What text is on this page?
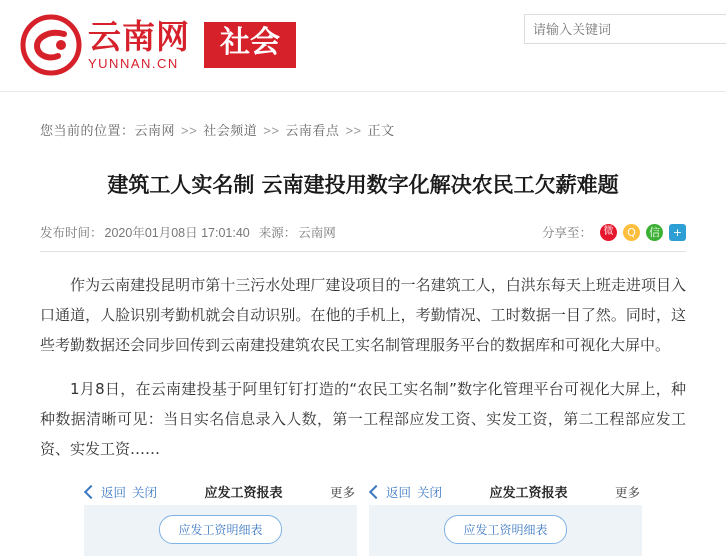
云南网
YUNNAN.CN
社会
请输入关键词
您当前的位置：云南网 >> 社会频道 >> 云南看点 >> 正文
建筑工人实名制 云南建投用数字化解决农民工欠薪难题
发布时间： 2020年01月08日 17:01:40 来源： 云南网	分享至：	微	Q	信	+

作为云南建投昆明市第十三污水处理厂建设项目的一名建筑工人，白洪东每天上班走进项目入口通道，人脸识别考勤机就会自动识别。在他的手机上，考勤情况、工时数据一目了然。同时，这些考勤数据还会同步回传到云南建投建筑农民工实名制管理服务平台的数据库和可视化大屏中。

1月8日，在云南建投基于阿里钉钉打造的“农民工实名制”数字化管理平台可视化大屏上，种种数据清晰可见：当日实名信息录入人数，第一工程部应发工资、实发工资，第二工程部应发工资、实发工资……

返回 关闭	应发工资报表	更多
应发工资明细表
返回 关闭	应发工资报表	更多
应发工资明细表
